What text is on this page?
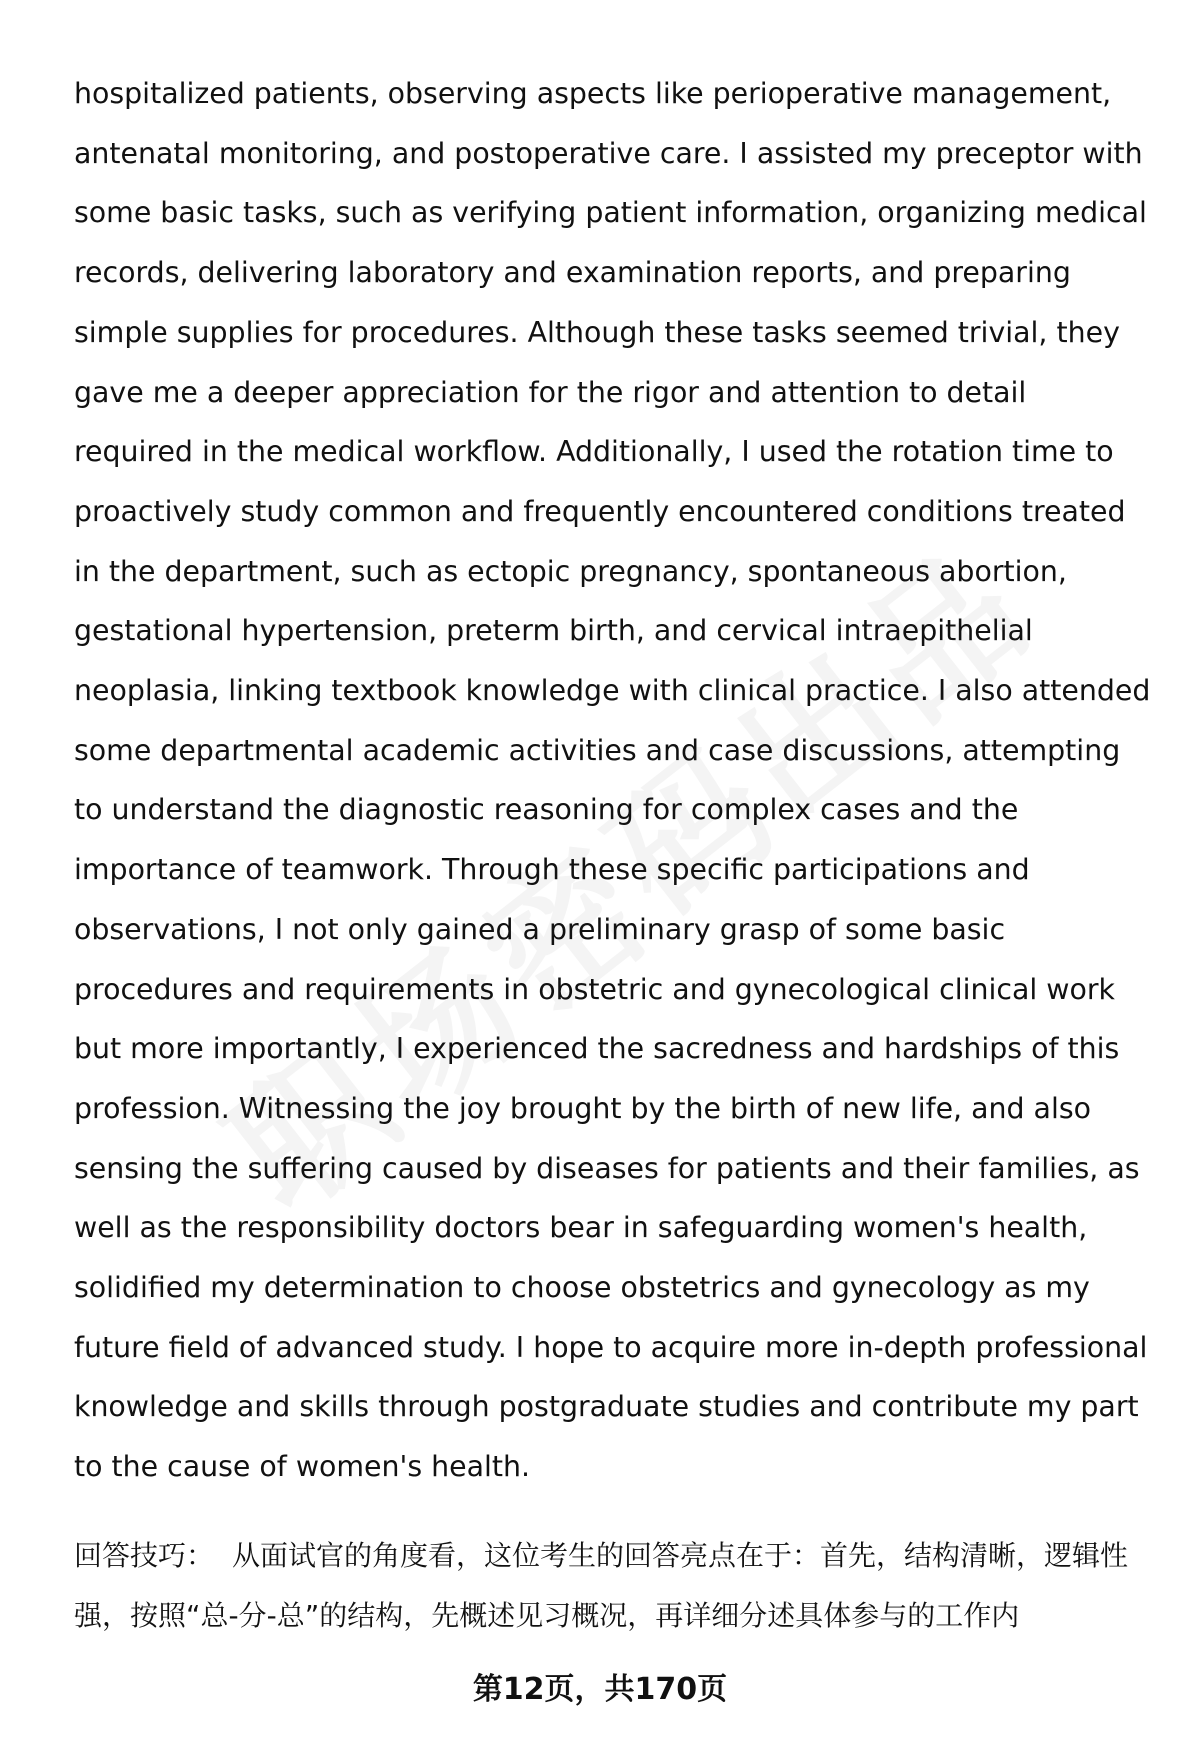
hospitalized patients, observing aspects like perioperative management, antenatal monitoring, and postoperative care. I assisted my preceptor with some basic tasks, such as verifying patient information, organizing medical records, delivering laboratory and examination reports, and preparing simple supplies for procedures. Although these tasks seemed trivial, they gave me a deeper appreciation for the rigor and attention to detail required in the medical workflow. Additionally, I used the rotation time to proactively study common and frequently encountered conditions treated in the department, such as ectopic pregnancy, spontaneous abortion, gestational hypertension, preterm birth, and cervical intraepithelial neoplasia, linking textbook knowledge with clinical practice. I also attended some departmental academic activities and case discussions, attempting to understand the diagnostic reasoning for complex cases and the importance of teamwork. Through these specific participations and observations, I not only gained a preliminary grasp of some basic procedures and requirements in obstetric and gynecological clinical work but more importantly, I experienced the sacredness and hardships of this profession. Witnessing the joy brought by the birth of new life, and also sensing the suffering caused by diseases for patients and their families, as well as the responsibility doctors bear in safeguarding women's health, solidified my determination to choose obstetrics and gynecology as my future field of advanced study. I hope to acquire more in-depth professional knowledge and skills through postgraduate studies and contribute my part to the cause of women's health.

回答技巧： 从面试官的角度看，这位考生的回答亮点在于：首先，结构清晰，逻辑性强，按照“总-分-总”的结构，先概述见习概况，再详细分述具体参与的工作内

第12页，共170页
